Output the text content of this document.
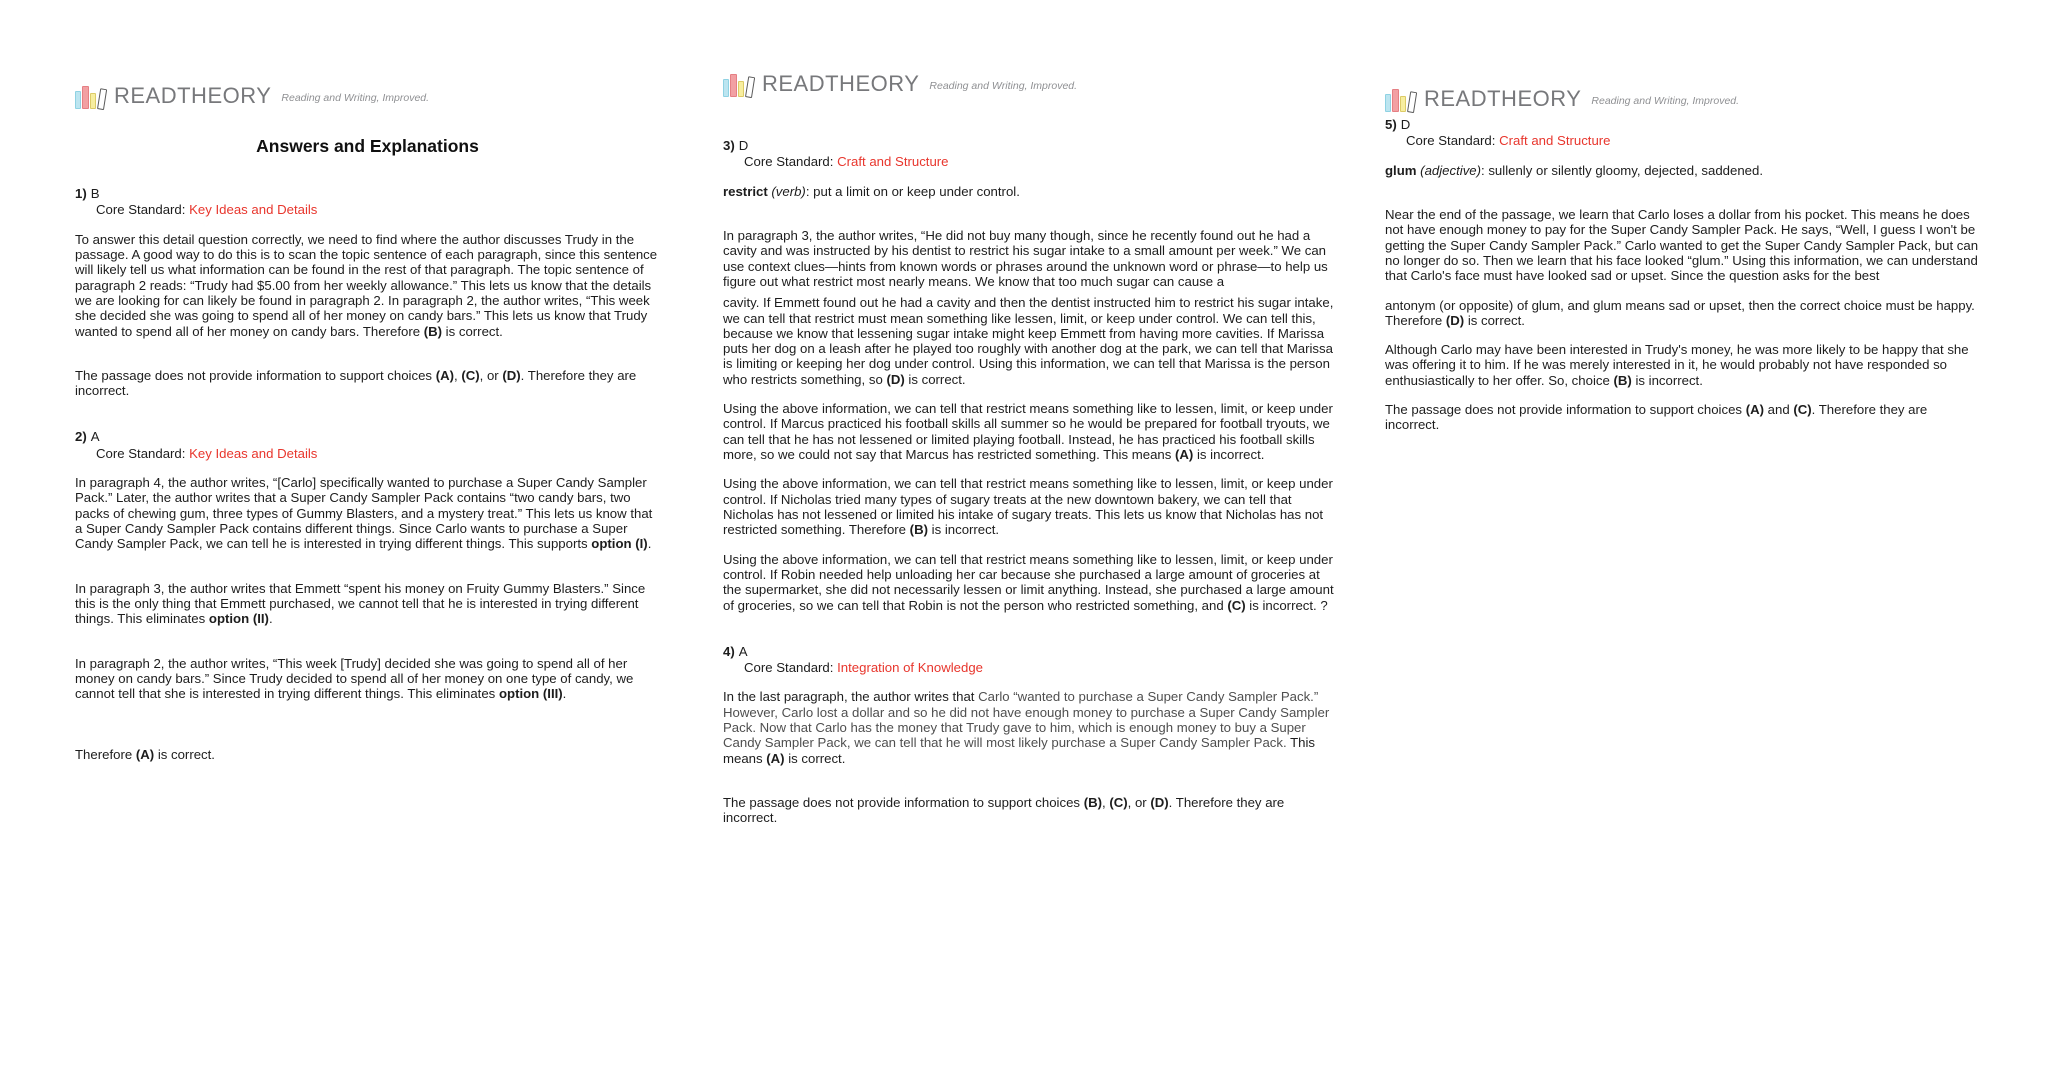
READTHEORY Reading and Writing, Improved.
Answers and Explanations
1) B
Core Standard: Key Ideas and Details

To answer this detail question correctly, we need to find where the author discusses Trudy in the passage. A good way to do this is to scan the topic sentence of each paragraph, since this sentence will likely tell us what information can be found in the rest of that paragraph. The topic sentence of paragraph 2 reads: “Trudy had $5.00 from her weekly allowance.” This lets us know that the details we are looking for can likely be found in paragraph 2. In paragraph 2, the author writes, “This week she decided she was going to spend all of her money on candy bars.” This lets us know that Trudy wanted to spend all of her money on candy bars. Therefore (B) is correct.

The passage does not provide information to support choices (A), (C), or (D). Therefore they are incorrect.

2) A
Core Standard: Key Ideas and Details

In paragraph 4, the author writes, “[Carlo] specifically wanted to purchase a Super Candy Sampler Pack.” Later, the author writes that a Super Candy Sampler Pack contains “two candy bars, two packs of chewing gum, three types of Gummy Blasters, and a mystery treat.” This lets us know that a Super Candy Sampler Pack contains different things. Since Carlo wants to purchase a Super Candy Sampler Pack, we can tell he is interested in trying different things. This supports option (I).

In paragraph 3, the author writes that Emmett “spent his money on Fruity Gummy Blasters.” Since this is the only thing that Emmett purchased, we cannot tell that he is interested in trying different things. This eliminates option (II).

In paragraph 2, the author writes, “This week [Trudy] decided she was going to spend all of her money on candy bars.” Since Trudy decided to spend all of her money on one type of candy, we cannot tell that she is interested in trying different things. This eliminates option (III).

Therefore (A) is correct.

READTHEORY Reading and Writing, Improved.
3) D
Core Standard: Craft and Structure

restrict (verb): put a limit on or keep under control.

In paragraph 3, the author writes, “He did not buy many though, since he recently found out he had a cavity and was instructed by his dentist to restrict his sugar intake to a small amount per week.” We can use context clues—hints from known words or phrases around the unknown word or phrase—to help us figure out what restrict most nearly means. We know that too much sugar can cause a

cavity. If Emmett found out he had a cavity and then the dentist instructed him to restrict his sugar intake, we can tell that restrict must mean something like lessen, limit, or keep under control. We can tell this, because we know that lessening sugar intake might keep Emmett from having more cavities. If Marissa puts her dog on a leash after he played too roughly with another dog at the park, we can tell that Marissa is limiting or keeping her dog under control. Using this information, we can tell that Marissa is the person who restricts something, so (D) is correct.

Using the above information, we can tell that restrict means something like to lessen, limit, or keep under control. If Marcus practiced his football skills all summer so he would be prepared for football tryouts, we can tell that he has not lessened or limited playing football. Instead, he has practiced his football skills more, so we could not say that Marcus has restricted something. This means (A) is incorrect.

Using the above information, we can tell that restrict means something like to lessen, limit, or keep under control. If Nicholas tried many types of sugary treats at the new downtown bakery, we can tell that Nicholas has not lessened or limited his intake of sugary treats. This lets us know that Nicholas has not restricted something. Therefore (B) is incorrect.

Using the above information, we can tell that restrict means something like to lessen, limit, or keep under control. If Robin needed help unloading her car because she purchased a large amount of groceries at the supermarket, she did not necessarily lessen or limit anything. Instead, she purchased a large amount of groceries, so we can tell that Robin is not the person who restricted something, and (C) is incorrect. ?

4) A
Core Standard: Integration of Knowledge

In the last paragraph, the author writes that Carlo “wanted to purchase a Super Candy Sampler Pack.” However, Carlo lost a dollar and so he did not have enough money to purchase a Super Candy Sampler Pack. Now that Carlo has the money that Trudy gave to him, which is enough money to buy a Super Candy Sampler Pack, we can tell that he will most likely purchase a Super Candy Sampler Pack. This means (A) is correct.

The passage does not provide information to support choices (B), (C), or (D). Therefore they are incorrect.

READTHEORY Reading and Writing, Improved.
5) D
Core Standard: Craft and Structure

glum (adjective): sullenly or silently gloomy, dejected, saddened.

Near the end of the passage, we learn that Carlo loses a dollar from his pocket. This means he does not have enough money to pay for the Super Candy Sampler Pack. He says, “Well, I guess I won't be getting the Super Candy Sampler Pack.” Carlo wanted to get the Super Candy Sampler Pack, but can no longer do so. Then we learn that his face looked “glum.” Using this information, we can understand that Carlo's face must have looked sad or upset. Since the question asks for the best

antonym (or opposite) of glum, and glum means sad or upset, then the correct choice must be happy. Therefore (D) is correct.

Although Carlo may have been interested in Trudy's money, he was more likely to be happy that she was offering it to him. If he was merely interested in it, he would probably not have responded so enthusiastically to her offer. So, choice (B) is incorrect.

The passage does not provide information to support choices (A) and (C). Therefore they are incorrect.
